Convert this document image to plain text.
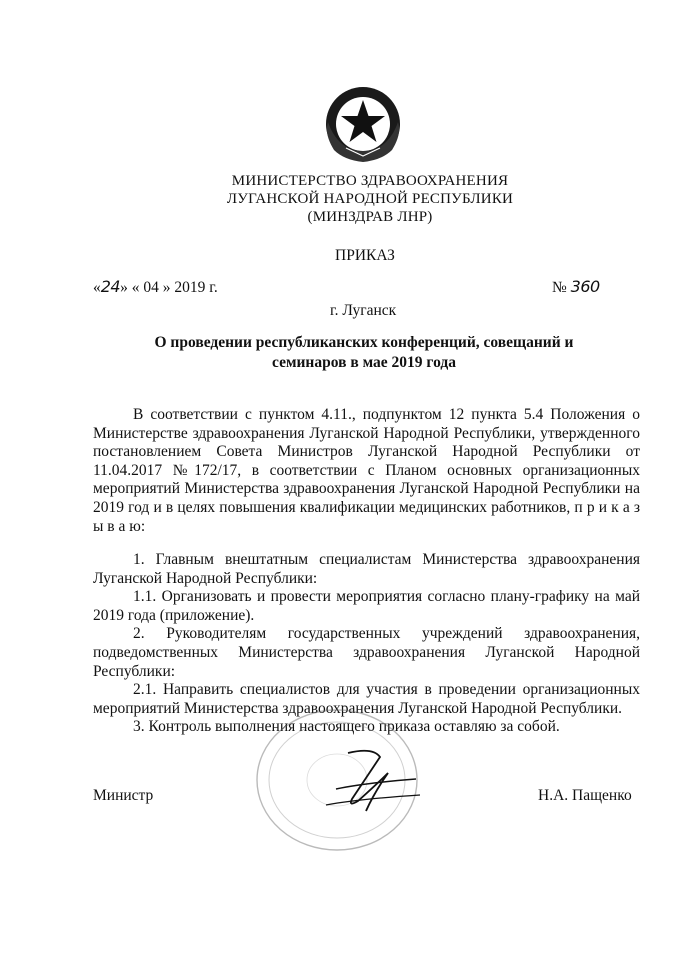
МИНИСТЕРСТВО ЗДРАВООХРАНЕНИЯ
ЛУГАНСКОЙ НАРОДНОЙ РЕСПУБЛИКИ
(МИНЗДРАВ ЛНР)
ПРИКАЗ
«24» « 04 » 2019 г.	№ 360
г. Луганск
О проведении республиканских конференций, совещаний и
семинаров в мае 2019 года

В соответствии с пунктом 4.11., подпунктом 12 пункта 5.4 Положения о Министерстве здравоохранения Луганской Народной Республики, утвержденного постановлением Совета Министров Луганской Народной Республики от 11.04.2017 №172/17, в соответствии с Планом основных организационных мероприятий Министерства здравоохранения Луганской Народной Республики на 2019 год и в целях повышения квалификации медицинских работников, п р и к а з ы в а ю:

1. Главным внештатным специалистам Министерства здравоохранения Луганской Народной Республики:

1.1. Организовать и провести мероприятия согласно плану-графику на май 2019 года (приложение).

2. Руководителям государственных учреждений здравоохранения, подведомственных Министерства здравоохранения Луганской Народной Республики:

2.1. Направить специалистов для участия в проведении организационных мероприятий Министерства здравоохранения Луганской Народной Республики.

3. Контроль выполнения настоящего приказа оставляю за собой.

Министр	Н.А. Пащенко
